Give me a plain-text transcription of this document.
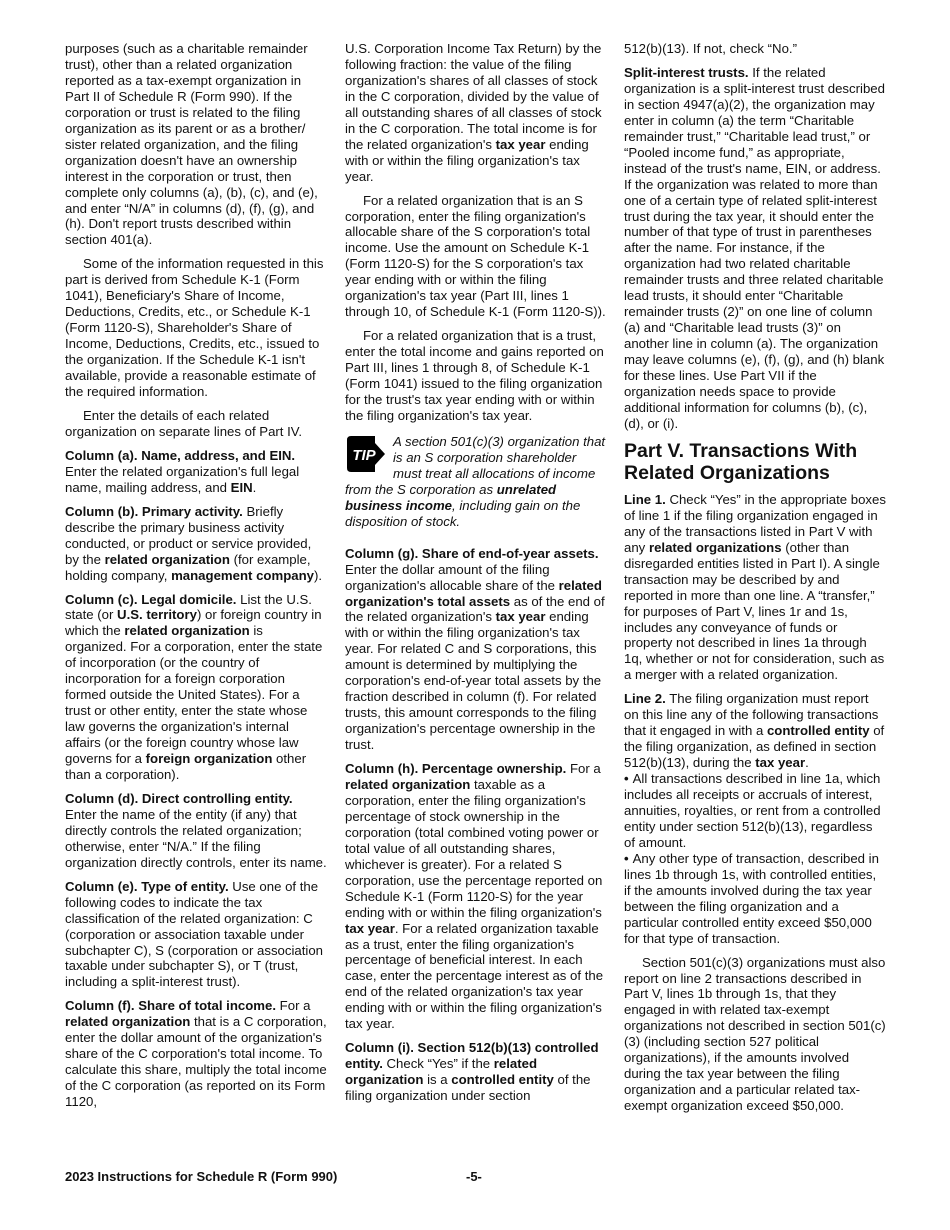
purposes (such as a charitable remainder trust), other than a related organization reported as a tax-exempt organization in Part II of Schedule R (Form 990). If the corporation or trust is related to the filing organization as its parent or as a brother/ sister related organization, and the filing organization doesn't have an ownership interest in the corporation or trust, then complete only columns (a), (b), (c), and (e), and enter “N/A” in columns (d), (f), (g), and (h). Don't report trusts described within section 401(a).

Some of the information requested in this part is derived from Schedule K-1 (Form 1041), Beneficiary's Share of Income, Deductions, Credits, etc., or Schedule K-1 (Form 1120-S), Shareholder's Share of Income, Deductions, Credits, etc., issued to the organization. If the Schedule K-1 isn't available, provide a reasonable estimate of the required information.

Enter the details of each related organization on separate lines of Part IV.

Column (a). Name, address, and EIN. Enter the related organization's full legal name, mailing address, and EIN.

Column (b). Primary activity. Briefly describe the primary business activity conducted, or product or service provided, by the related organization (for example, holding company, management company).

Column (c). Legal domicile. List the U.S. state (or U.S. territory) or foreign country in which the related organization is organized. For a corporation, enter the state of incorporation (or the country of incorporation for a foreign corporation formed outside the United States). For a trust or other entity, enter the state whose law governs the organization's internal affairs (or the foreign country whose law governs for a foreign organization other than a corporation).

Column (d). Direct controlling entity. Enter the name of the entity (if any) that directly controls the related organization; otherwise, enter “N/A.” If the filing organization directly controls, enter its name.

Column (e). Type of entity. Use one of the following codes to indicate the tax classification of the related organization: C (corporation or association taxable under subchapter C), S (corporation or association taxable under subchapter S), or T (trust, including a split-interest trust).

Column (f). Share of total income. For a related organization that is a C corporation, enter the dollar amount of the organization's share of the C corporation's total income. To calculate this share, multiply the total income of the C corporation (as reported on its Form 1120,

U.S. Corporation Income Tax Return) by the following fraction: the value of the filing organization's shares of all classes of stock in the C corporation, divided by the value of all outstanding shares of all classes of stock in the C corporation. The total income is for the related organization's tax year ending with or within the filing organization's tax year.

For a related organization that is an S corporation, enter the filing organization's allocable share of the S corporation's total income. Use the amount on Schedule K-1 (Form 1120-S) for the S corporation's tax year ending with or within the filing organization's tax year (Part III, lines 1 through 10, of Schedule K-1 (Form 1120-S)).

For a related organization that is a trust, enter the total income and gains reported on Part III, lines 1 through 8, of Schedule K-1 (Form 1041) issued to the filing organization for the trust's tax year ending with or within the filing organization's tax year.

TIP
A section 501(c)(3) organization that is an S corporation shareholder must treat all allocations of income from the S corporation as unrelated business income, including gain on the disposition of stock.

Column (g). Share of end-of-year assets. Enter the dollar amount of the filing organization's allocable share of the related organization's total assets as of the end of the related organization's tax year ending with or within the filing organization's tax year. For related C and S corporations, this amount is determined by multiplying the corporation's end-of-year total assets by the fraction described in column (f). For related trusts, this amount corresponds to the filing organization's percentage ownership in the trust.

Column (h). Percentage ownership. For a related organization taxable as a corporation, enter the filing organization's percentage of stock ownership in the corporation (total combined voting power or total value of all outstanding shares, whichever is greater). For a related S corporation, use the percentage reported on Schedule K-1 (Form 1120-S) for the year ending with or within the filing organization's tax year. For a related organization taxable as a trust, enter the filing organization's percentage of beneficial interest. In each case, enter the percentage interest as of the end of the related organization's tax year ending with or within the filing organization's tax year.

Column (i). Section 512(b)(13) controlled entity. Check “Yes” if the related organization is a controlled entity of the filing organization under section

512(b)(13). If not, check “No.”

Split-interest trusts. If the related organization is a split-interest trust described in section 4947(a)(2), the organization may enter in column (a) the term “Charitable remainder trust,” “Charitable lead trust,” or “Pooled income fund,” as appropriate, instead of the trust's name, EIN, or address. If the organization was related to more than one of a certain type of related split-interest trust during the tax year, it should enter the number of that type of trust in parentheses after the name. For instance, if the organization had two related charitable remainder trusts and three related charitable lead trusts, it should enter “Charitable remainder trusts (2)” on one line of column (a) and “Charitable lead trusts (3)” on another line in column (a). The organization may leave columns (e), (f), (g), and (h) blank for these lines. Use Part VII if the organization needs space to provide additional information for columns (b), (c), (d), or (i).

Part V. Transactions With Related Organizations

Line 1. Check “Yes” in the appropriate boxes of line 1 if the filing organization engaged in any of the transactions listed in Part V with any related organizations (other than disregarded entities listed in Part I). A single transaction may be described by and reported in more than one line. A “transfer,” for purposes of Part V, lines 1r and 1s, includes any conveyance of funds or property not described in lines 1a through 1q, whether or not for consideration, such as a merger with a related organization.

Line 2. The filing organization must report on this line any of the following transactions that it engaged in with a controlled entity of the filing organization, as defined in section 512(b)(13), during the tax year.

• All transactions described in line 1a, which includes all receipts or accruals of interest, annuities, royalties, or rent from a controlled entity under section 512(b)(13), regardless of amount.

• Any other type of transaction, described in lines 1b through 1s, with controlled entities, if the amounts involved during the tax year between the filing organization and a particular controlled entity exceed $50,000 for that type of transaction.

Section 501(c)(3) organizations must also report on line 2 transactions described in Part V, lines 1b through 1s, that they engaged in with related tax-exempt organizations not described in section 501(c)(3) (including section 527 political organizations), if the amounts involved during the tax year between the filing organization and a particular related tax-exempt organization exceed $50,000.

2023 Instructions for Schedule R (Form 990)	-5-
